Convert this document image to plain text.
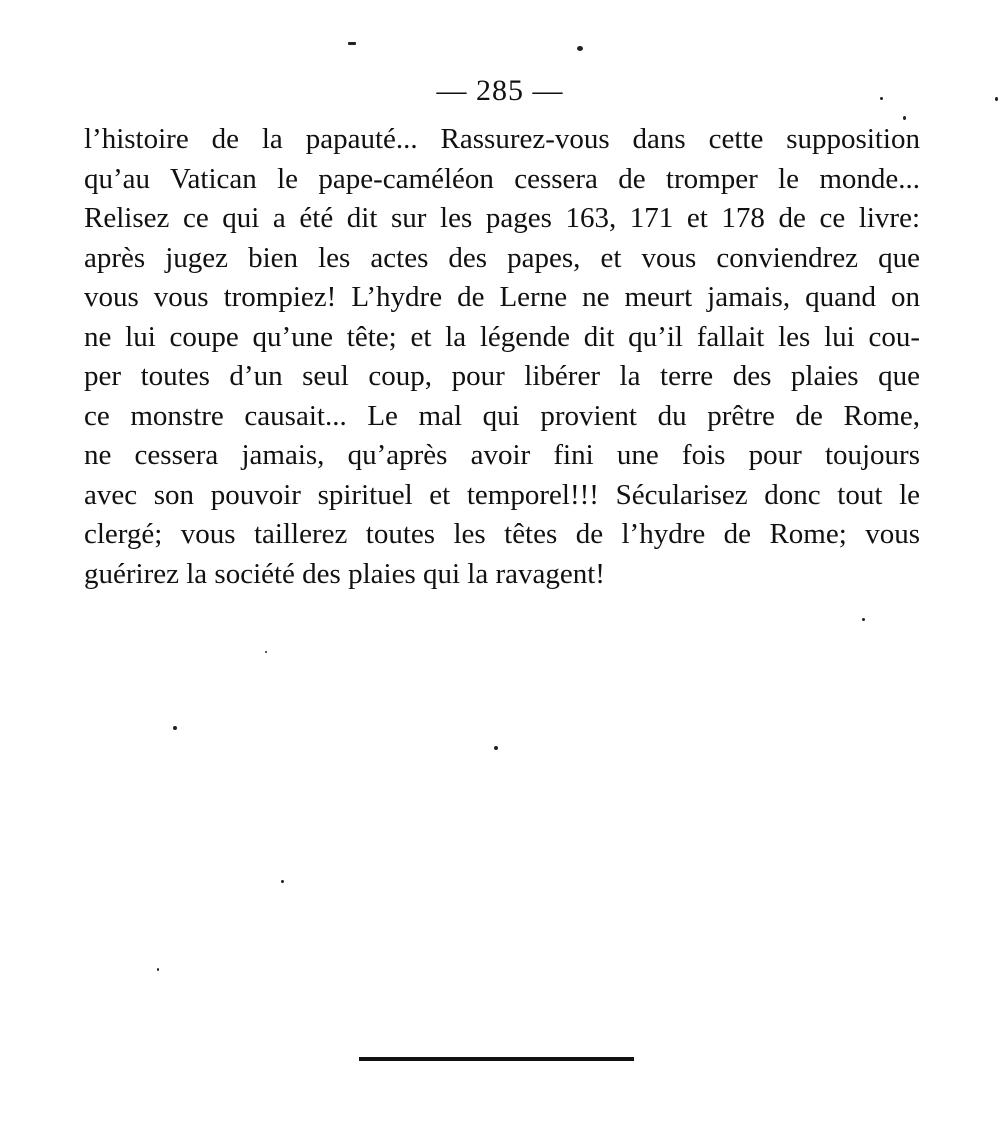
— 285 —
l’histoire de la papauté... Rassurez-vous dans cette supposition
qu’au Vatican le pape-caméléon cessera de tromper le monde...
Relisez ce qui a été dit sur les pages 163, 171 et 178 de ce livre:
après jugez bien les actes des papes, et vous conviendrez que
vous vous trompiez! L’hydre de Lerne ne meurt jamais, quand on
ne lui coupe qu’une tête; et la légende dit qu’il fallait les lui cou-
per toutes d’un seul coup, pour libérer la terre des plaies que
ce monstre causait... Le mal qui provient du prêtre de Rome,
ne cessera jamais, qu’après avoir fini une fois pour toujours
avec son pouvoir spirituel et temporel!!! Sécularisez donc tout le
clergé; vous taillerez toutes les têtes de l’hydre de Rome; vous
guérirez la société des plaies qui la ravagent!
